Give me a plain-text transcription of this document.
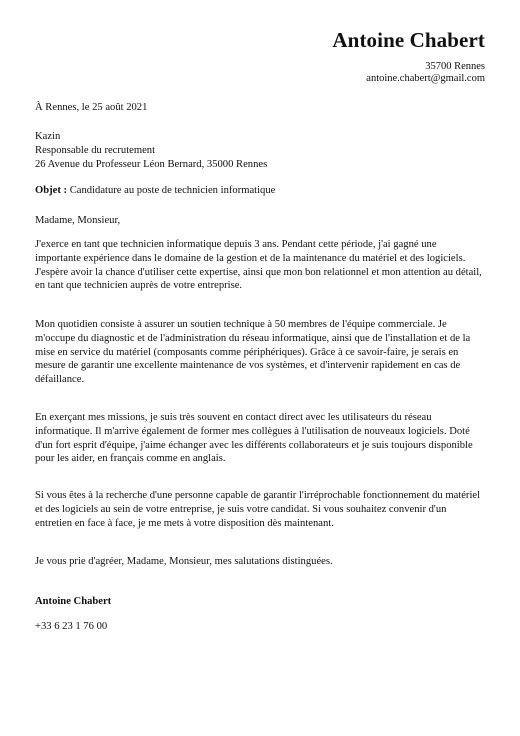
Antoine Chabert
35700 Rennes
antoine.chabert@gmail.com
À Rennes, le 25 août 2021
Kazin
Responsable du recrutement
26 Avenue du Professeur Léon Bernard, 35000 Rennes
Objet : Candidature au poste de technicien informatique
Madame, Monsieur,

J'exerce en tant que technicien informatique depuis 3 ans. Pendant cette période, j'ai gagné une importante expérience dans le domaine de la gestion et de la maintenance du matériel et des logiciels. J'espère avoir la chance d'utiliser cette expertise, ainsi que mon bon relationnel et mon attention au détail, en tant que technicien auprès de votre entreprise.

Mon quotidien consiste à assurer un soutien technique à 50 membres de l'équipe commerciale. Je m'occupe du diagnostic et de l'administration du réseau informatique, ainsi que de l'installation et de la mise en service du matériel (composants comme périphériques). Grâce à ce savoir-faire, je serais en mesure de garantir une excellente maintenance de vos systèmes, et d'intervenir rapidement en cas de défaillance.

En exerçant mes missions, je suis très souvent en contact direct avec les utilisateurs du réseau informatique. Il m'arrive également de former mes collègues à l'utilisation de nouveaux logiciels. Doté d'un fort esprit d'équipe, j'aime échanger avec les différents collaborateurs et je suis toujours disponible pour les aider, en français comme en anglais.

Si vous êtes à la recherche d'une personne capable de garantir l'irréprochable fonctionnement du matériel et des logiciels au sein de votre entreprise, je suis votre candidat. Si vous souhaitez convenir d'un entretien en face à face, je me mets à votre disposition dès maintenant.

Je vous prie d'agréer, Madame, Monsieur, mes salutations distinguées.
Antoine Chabert
+33 6 23 1 76 00
